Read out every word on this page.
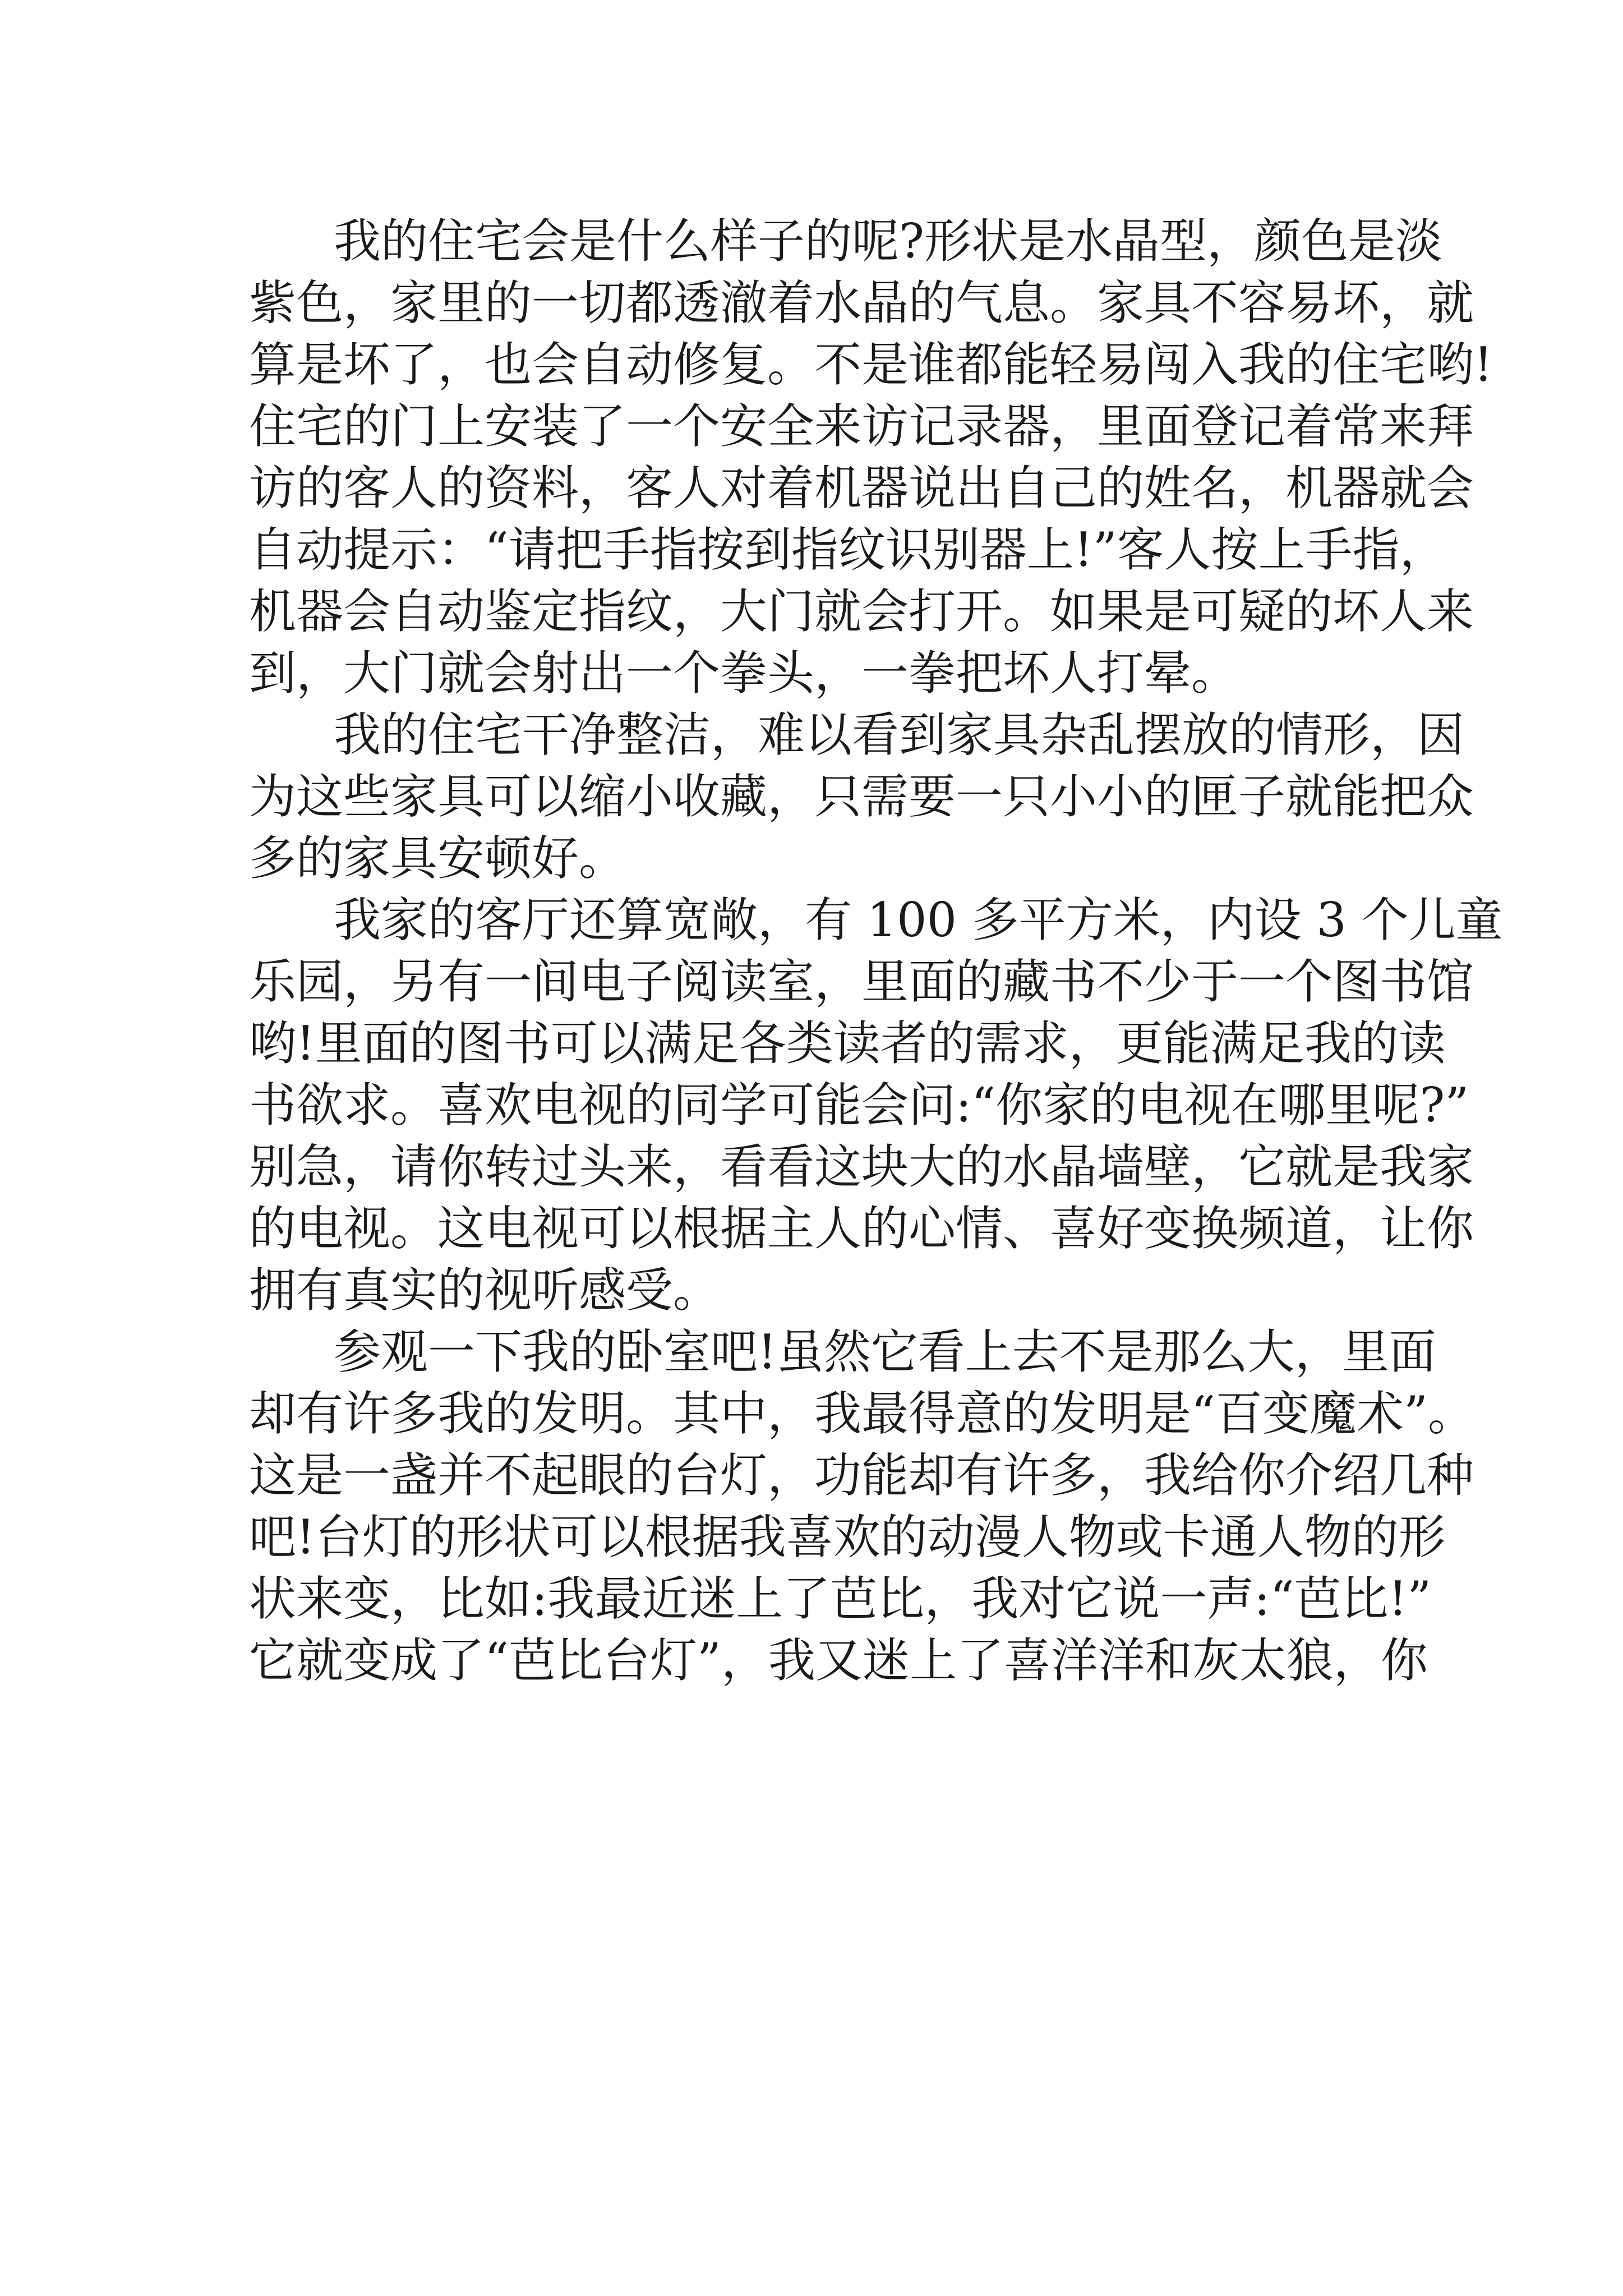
我的住宅会是什么样子的呢?形状是水晶型，颜色是淡
紫色，家里的一切都透澈着水晶的气息。家具不容易坏，就
算是坏了，也会自动修复。不是谁都能轻易闯入我的住宅哟!
住宅的门上安装了一个安全来访记录器，里面登记着常来拜
访的客人的资料，客人对着机器说出自己的姓名，机器就会
自动提示：“请把手指按到指纹识别器上!”客人按上手指，
机器会自动鉴定指纹，大门就会打开。如果是可疑的坏人来
到，大门就会射出一个拳头，一拳把坏人打晕。
我的住宅干净整洁，难以看到家具杂乱摆放的情形，因
为这些家具可以缩小收藏，只需要一只小小的匣子就能把众
多的家具安顿好。
我家的客厅还算宽敞，有 100 多平方米，内设 3 个儿童
乐园，另有一间电子阅读室，里面的藏书不少于一个图书馆
哟!里面的图书可以满足各类读者的需求，更能满足我的读
书欲求。喜欢电视的同学可能会问:“你家的电视在哪里呢?”
别急，请你转过头来，看看这块大的水晶墙壁，它就是我家
的电视。这电视可以根据主人的心情、喜好变换频道，让你
拥有真实的视听感受。
参观一下我的卧室吧!虽然它看上去不是那么大，里面
却有许多我的发明。其中，我最得意的发明是“百变魔术”。
这是一盏并不起眼的台灯，功能却有许多，我给你介绍几种
吧!台灯的形状可以根据我喜欢的动漫人物或卡通人物的形
状来变，比如:我最近迷上了芭比，我对它说一声:“芭比!”
它就变成了“芭比台灯”，我又迷上了喜洋洋和灰太狼，你
